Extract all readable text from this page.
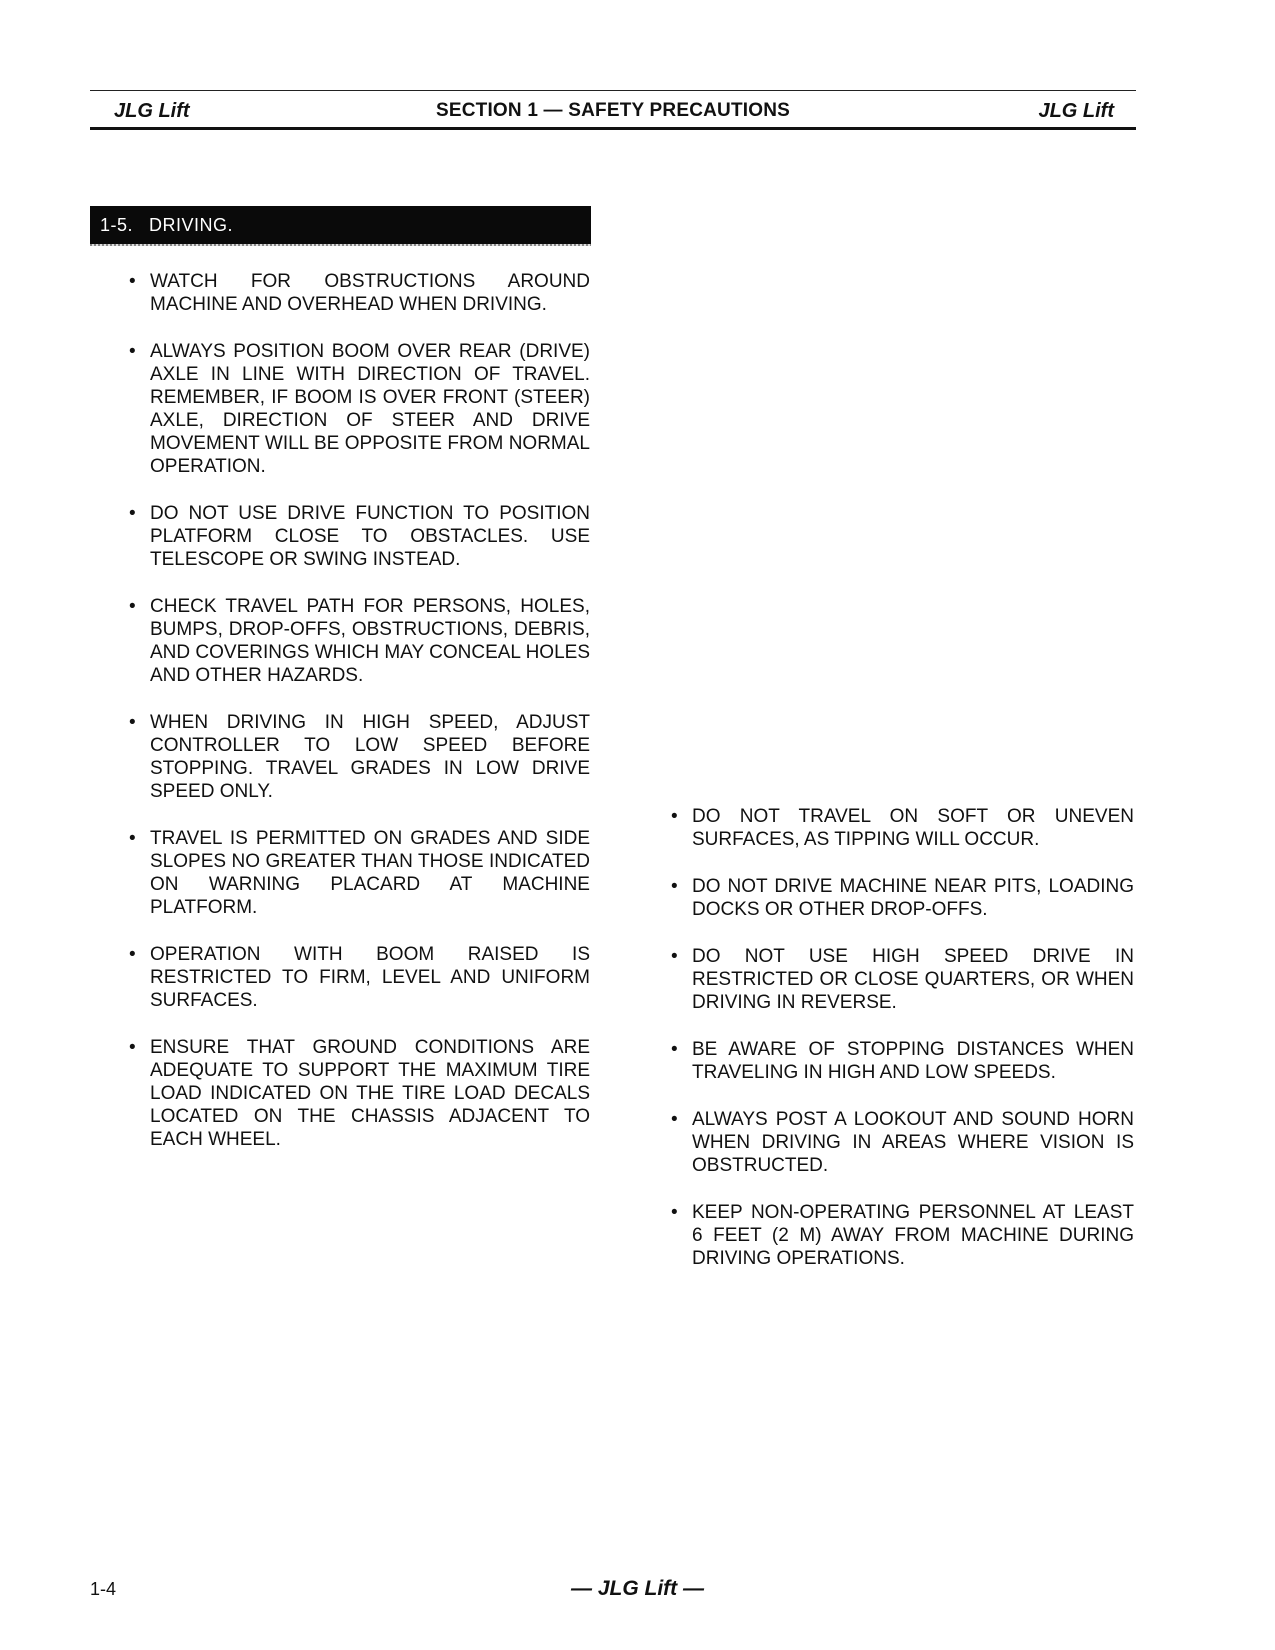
JLG Lift	SECTION 1 — SAFETY PRECAUTIONS	JLG Lift
1-5. DRIVING.
• WATCH FOR OBSTRUCTIONS AROUND MACHINE AND OVERHEAD WHEN DRIVING.
• ALWAYS POSITION BOOM OVER REAR (DRIVE) AXLE IN LINE WITH DIRECTION OF TRAVEL. REMEMBER, IF BOOM IS OVER FRONT (STEER) AXLE, DIRECTION OF STEER AND DRIVE MOVEMENT WILL BE OPPOSITE FROM NORMAL OPERATION.
• DO NOT USE DRIVE FUNCTION TO POSITION PLATFORM CLOSE TO OBSTACLES. USE TELESCOPE OR SWING INSTEAD.
• CHECK TRAVEL PATH FOR PERSONS, HOLES, BUMPS, DROP-OFFS, OBSTRUCTIONS, DEBRIS, AND COVERINGS WHICH MAY CONCEAL HOLES AND OTHER HAZARDS.
• WHEN DRIVING IN HIGH SPEED, ADJUST CONTROLLER TO LOW SPEED BEFORE STOPPING. TRAVEL GRADES IN LOW DRIVE SPEED ONLY.
• TRAVEL IS PERMITTED ON GRADES AND SIDE SLOPES NO GREATER THAN THOSE INDICATED ON WARNING PLACARD AT MACHINE PLATFORM.
• OPERATION WITH BOOM RAISED IS RESTRICTED TO FIRM, LEVEL AND UNIFORM SURFACES.
• ENSURE THAT GROUND CONDITIONS ARE ADEQUATE TO SUPPORT THE MAXIMUM TIRE LOAD INDICATED ON THE TIRE LOAD DECALS LOCATED ON THE CHASSIS ADJACENT TO EACH WHEEL.
• DO NOT TRAVEL ON SOFT OR UNEVEN SURFACES, AS TIPPING WILL OCCUR.
• DO NOT DRIVE MACHINE NEAR PITS, LOADING DOCKS OR OTHER DROP-OFFS.
• DO NOT USE HIGH SPEED DRIVE IN RESTRICTED OR CLOSE QUARTERS, OR WHEN DRIVING IN REVERSE.
• BE AWARE OF STOPPING DISTANCES WHEN TRAVELING IN HIGH AND LOW SPEEDS.
• ALWAYS POST A LOOKOUT AND SOUND HORN WHEN DRIVING IN AREAS WHERE VISION IS OBSTRUCTED.
• KEEP NON-OPERATING PERSONNEL AT LEAST 6 FEET (2 M) AWAY FROM MACHINE DURING DRIVING OPERATIONS.
1-4	— JLG Lift —
